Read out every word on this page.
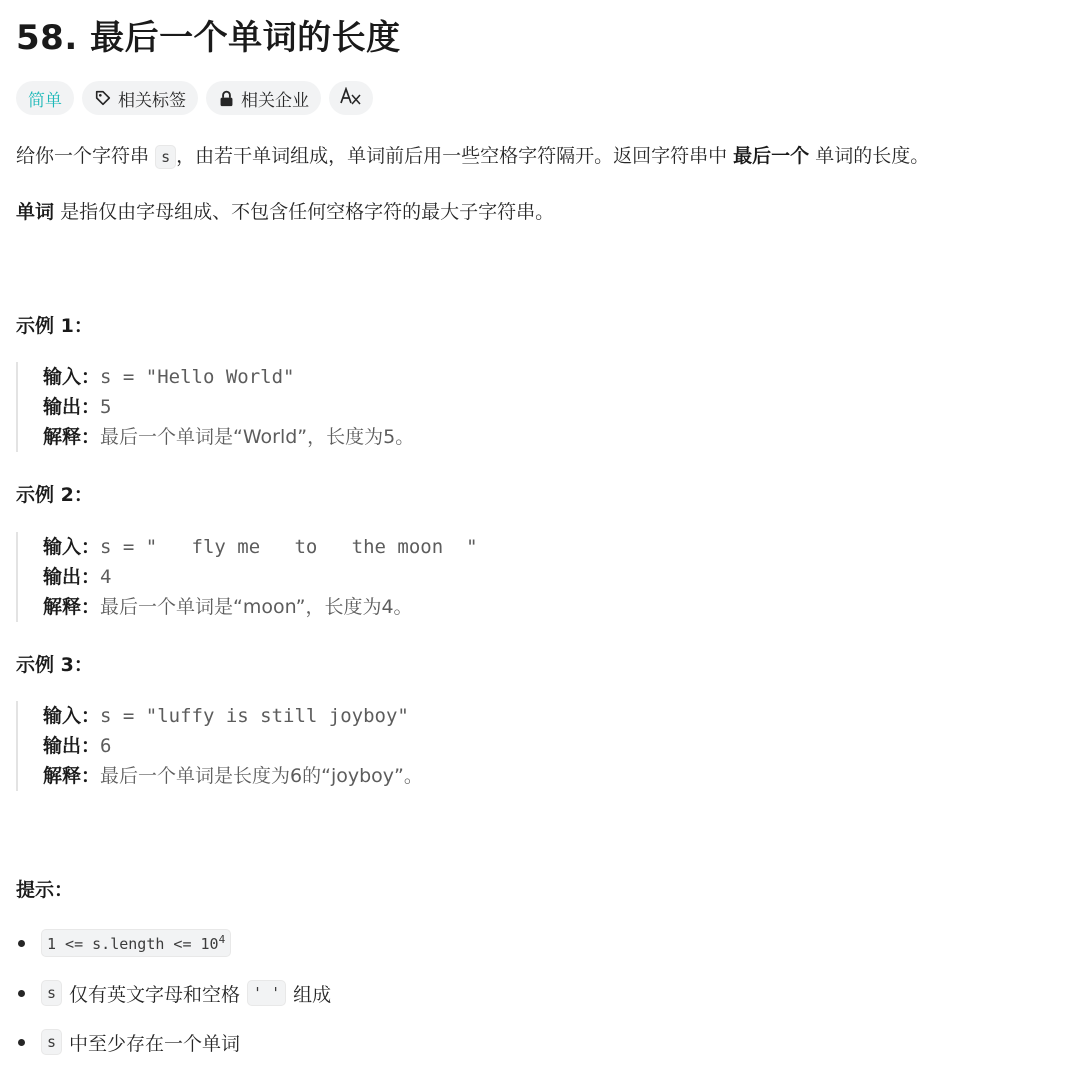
58. 最后一个单词的长度
简单	相关标签	相关企业
给你一个字符串 s ，由若干单词组成，单词前后用一些空格字符隔开。返回字符串中 最后一个 单词的长度。
单词 是指仅由字母组成、不包含任何空格字符的最大子字符串。
示例 1：
输入：s = "Hello World"
输出：5
解释：最后一个单词是“World”，长度为5。
示例 2：
输入：s = "   fly me   to   the moon  "
输出：4
解释：最后一个单词是“moon”，长度为4。
示例 3：
输入：s = "luffy is still joyboy"
输出：6
解释：最后一个单词是长度为6的“joyboy”。
提示：
1 <= s.length <= $10^4$
s 仅有英文字母和空格 ' ' 组成
s 中至少存在一个单词
